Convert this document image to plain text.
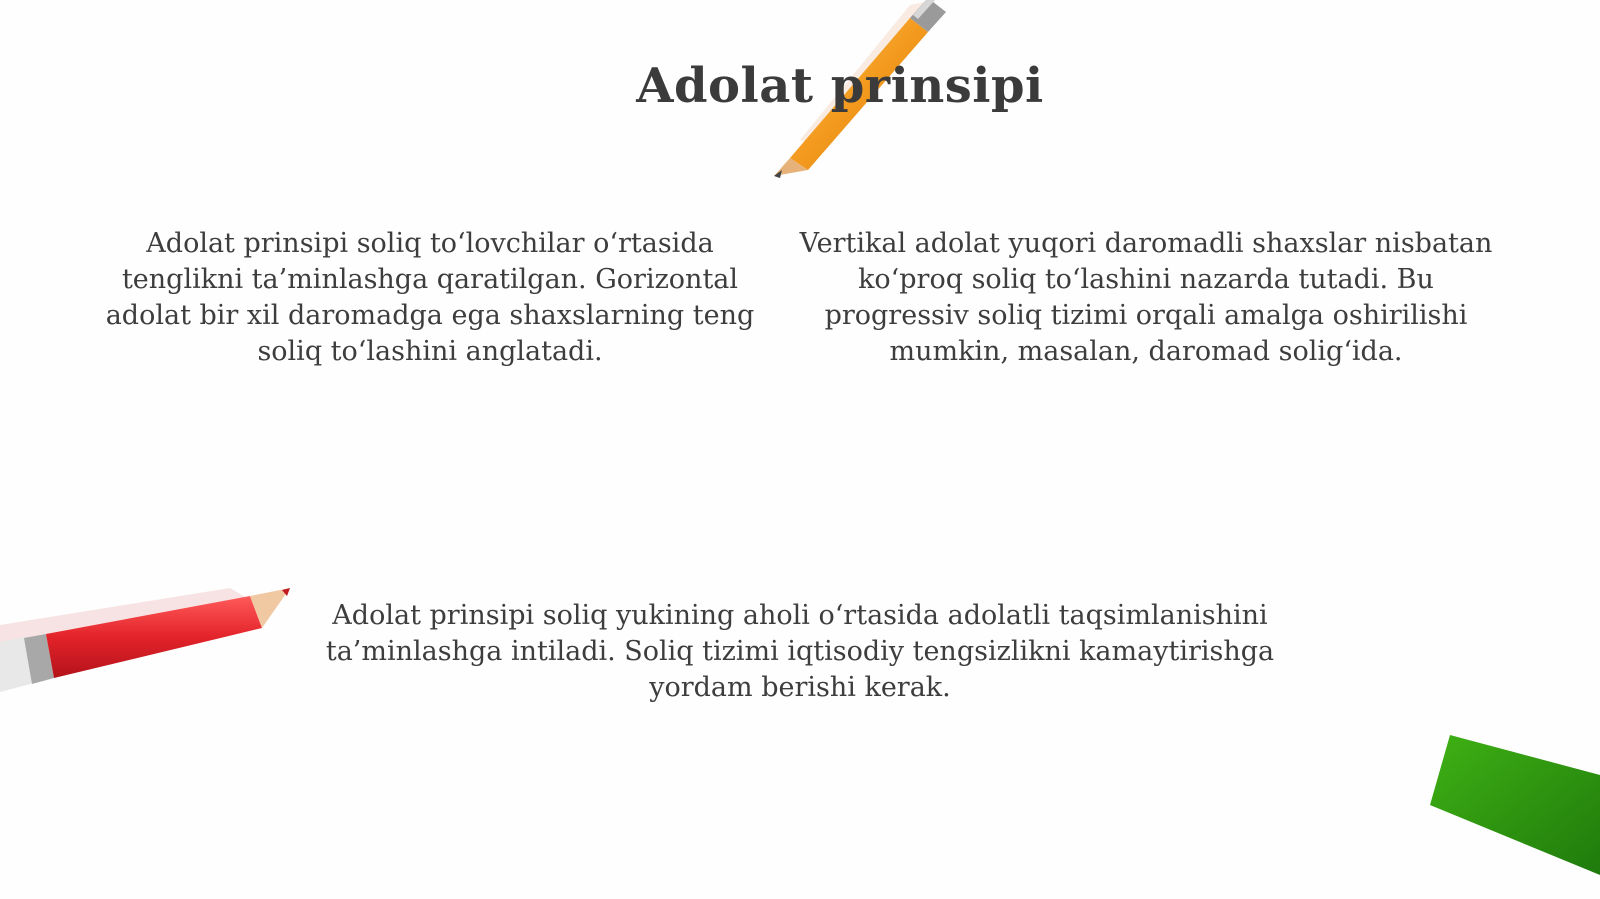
Adolat prinsipi

Adolat prinsipi soliq to‘lovchilar o‘rtasida tenglikni ta’minlashga qaratilgan. Gorizontal adolat bir xil daromadga ega shaxslarning teng soliq to‘lashini anglatadi.

Vertikal adolat yuqori daromadli shaxslar nisbatan ko‘proq soliq to‘lashini nazarda tutadi. Bu progressiv soliq tizimi orqali amalga oshirilishi mumkin, masalan, daromad solig‘ida.

Adolat prinsipi soliq yukining aholi o‘rtasida adolatli taqsimlanishini ta’minlashga intiladi. Soliq tizimi iqtisodiy tengsizlikni kamaytirishga yordam berishi kerak.
